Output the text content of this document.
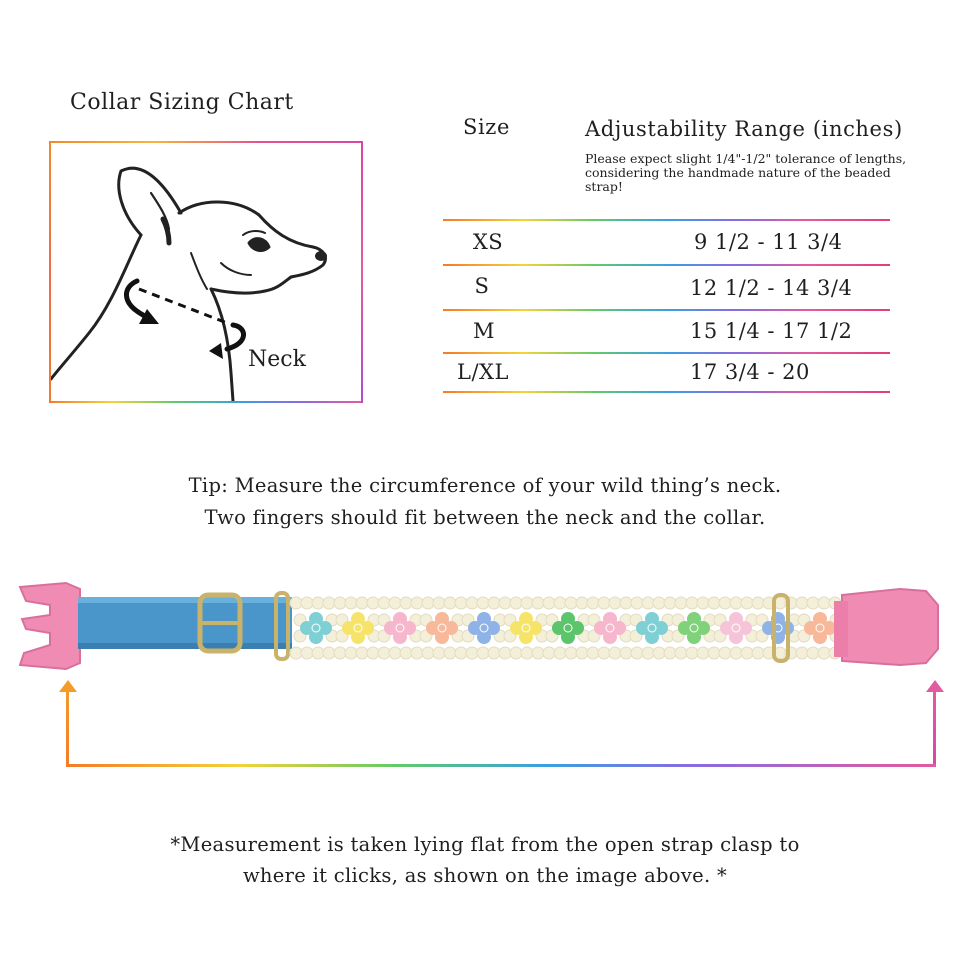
Collar Sizing Chart
Neck
Size	Adjustability Range (inches)
Please expect slight 1/4"-1/2" tolerance of lengths, considering the handmade nature of the beaded strap!
XS	9 1/2 - 11 3/4
S	12 1/2 - 14 3/4
M	15 1/4 - 17 1/2
L/XL	17 3/4 - 20
Tip: Measure the circumference of your wild thing’s neck.
Two fingers should fit between the neck and the collar.
*Measurement is taken lying flat from the open strap clasp to
where it clicks, as shown on the image above. *
